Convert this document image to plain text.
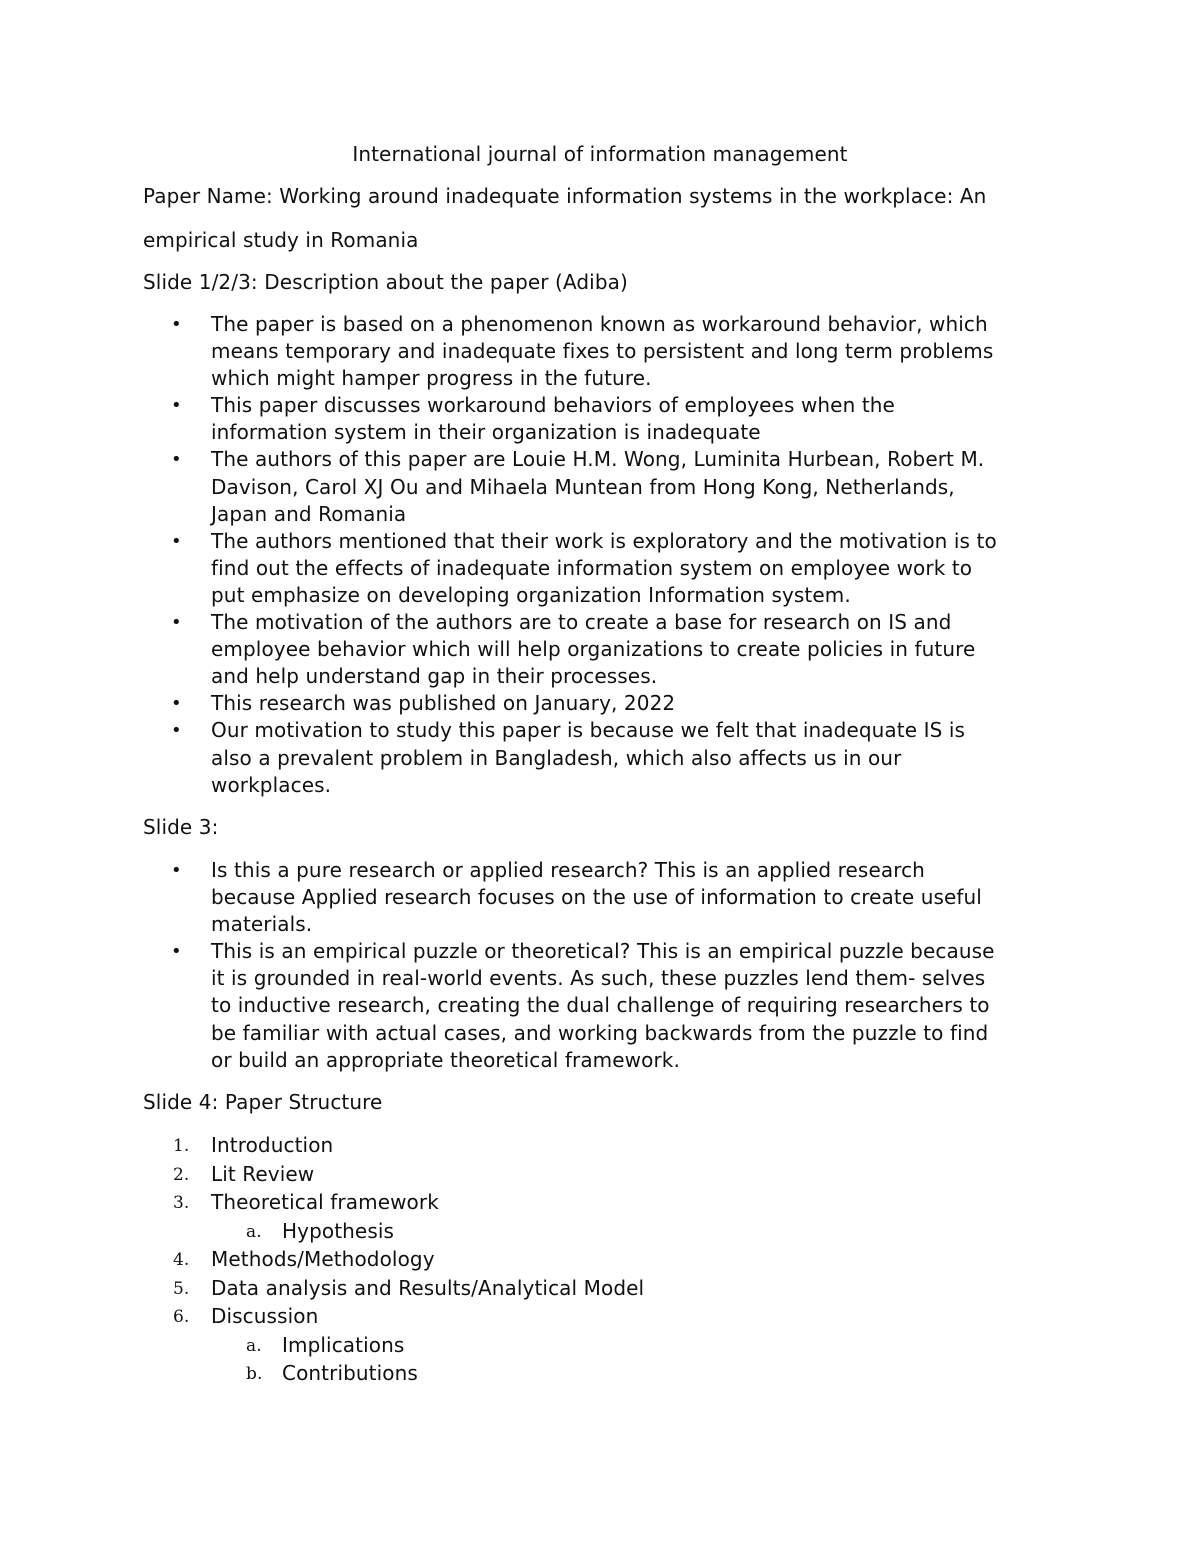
International journal of information management
Paper Name: Working around inadequate information systems in the workplace: An
empirical study in Romania
Slide 1/2/3: Description about the paper (Adiba)
• The paper is based on a phenomenon known as workaround behavior, which
means temporary and inadequate fixes to persistent and long term problems
which might hamper progress in the future.
• This paper discusses workaround behaviors of employees when the
information system in their organization is inadequate
• The authors of this paper are Louie H.M. Wong, Luminita Hurbean, Robert M.
Davison, Carol XJ Ou and Mihaela Muntean from Hong Kong, Netherlands,
Japan and Romania
• The authors mentioned that their work is exploratory and the motivation is to
find out the effects of inadequate information system on employee work to
put emphasize on developing organization Information system.
• The motivation of the authors are to create a base for research on IS and
employee behavior which will help organizations to create policies in future
and help understand gap in their processes.
• This research was published on January, 2022
• Our motivation to study this paper is because we felt that inadequate IS is
also a prevalent problem in Bangladesh, which also affects us in our
workplaces.
Slide 3:
• Is this a pure research or applied research? This is an applied research
because Applied research focuses on the use of information to create useful
materials.
• This is an empirical puzzle or theoretical? This is an empirical puzzle because
it is grounded in real-world events. As such, these puzzles lend them- selves
to inductive research, creating the dual challenge of requiring researchers to
be familiar with actual cases, and working backwards from the puzzle to find
or build an appropriate theoretical framework.
Slide 4: Paper Structure
1. Introduction
2. Lit Review
3. Theoretical framework
a. Hypothesis
4. Methods/Methodology
5. Data analysis and Results/Analytical Model
6. Discussion
a. Implications
b. Contributions
